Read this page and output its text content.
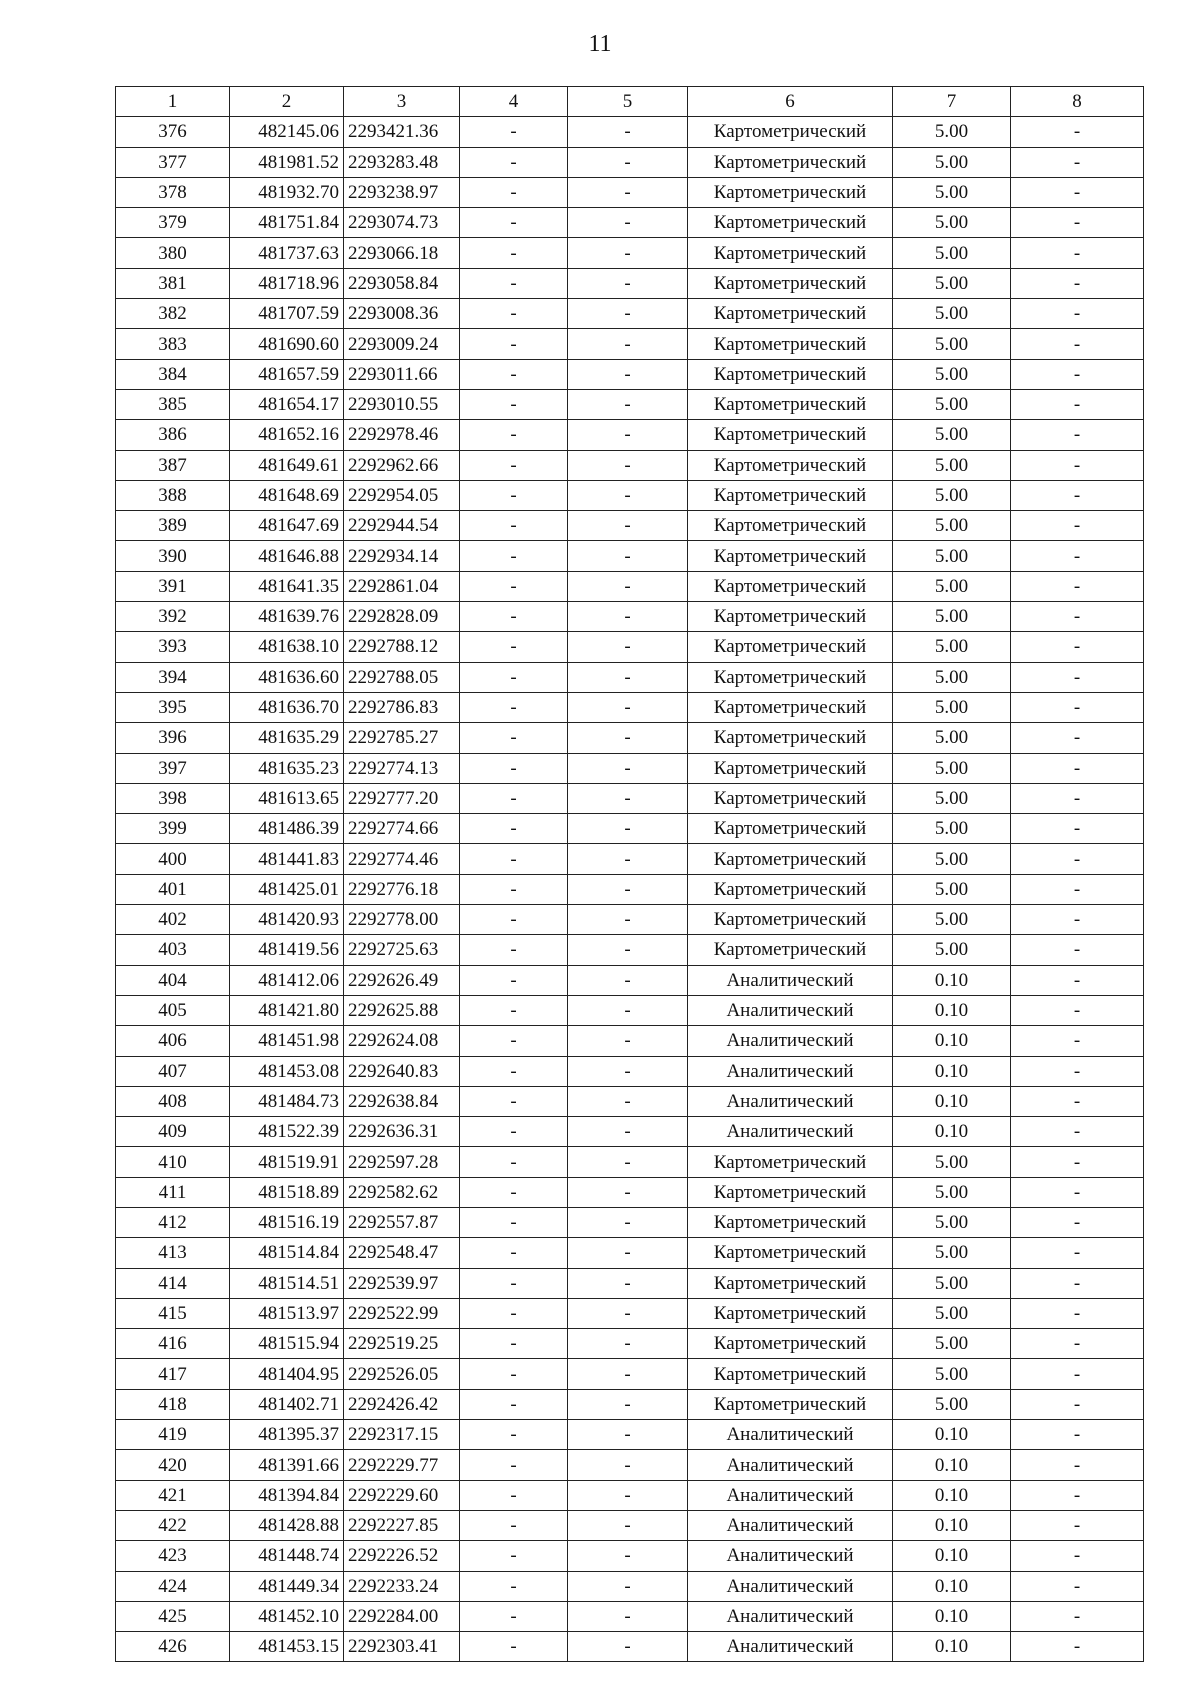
11
1	2	3	4	5	6	7	8
376	482145.06	2293421.36	-	-	Картометрический	5.00	-
377	481981.52	2293283.48	-	-	Картометрический	5.00	-
378	481932.70	2293238.97	-	-	Картометрический	5.00	-
379	481751.84	2293074.73	-	-	Картометрический	5.00	-
380	481737.63	2293066.18	-	-	Картометрический	5.00	-
381	481718.96	2293058.84	-	-	Картометрический	5.00	-
382	481707.59	2293008.36	-	-	Картометрический	5.00	-
383	481690.60	2293009.24	-	-	Картометрический	5.00	-
384	481657.59	2293011.66	-	-	Картометрический	5.00	-
385	481654.17	2293010.55	-	-	Картометрический	5.00	-
386	481652.16	2292978.46	-	-	Картометрический	5.00	-
387	481649.61	2292962.66	-	-	Картометрический	5.00	-
388	481648.69	2292954.05	-	-	Картометрический	5.00	-
389	481647.69	2292944.54	-	-	Картометрический	5.00	-
390	481646.88	2292934.14	-	-	Картометрический	5.00	-
391	481641.35	2292861.04	-	-	Картометрический	5.00	-
392	481639.76	2292828.09	-	-	Картометрический	5.00	-
393	481638.10	2292788.12	-	-	Картометрический	5.00	-
394	481636.60	2292788.05	-	-	Картометрический	5.00	-
395	481636.70	2292786.83	-	-	Картометрический	5.00	-
396	481635.29	2292785.27	-	-	Картометрический	5.00	-
397	481635.23	2292774.13	-	-	Картометрический	5.00	-
398	481613.65	2292777.20	-	-	Картометрический	5.00	-
399	481486.39	2292774.66	-	-	Картометрический	5.00	-
400	481441.83	2292774.46	-	-	Картометрический	5.00	-
401	481425.01	2292776.18	-	-	Картометрический	5.00	-
402	481420.93	2292778.00	-	-	Картометрический	5.00	-
403	481419.56	2292725.63	-	-	Картометрический	5.00	-
404	481412.06	2292626.49	-	-	Аналитический	0.10	-
405	481421.80	2292625.88	-	-	Аналитический	0.10	-
406	481451.98	2292624.08	-	-	Аналитический	0.10	-
407	481453.08	2292640.83	-	-	Аналитический	0.10	-
408	481484.73	2292638.84	-	-	Аналитический	0.10	-
409	481522.39	2292636.31	-	-	Аналитический	0.10	-
410	481519.91	2292597.28	-	-	Картометрический	5.00	-
411	481518.89	2292582.62	-	-	Картометрический	5.00	-
412	481516.19	2292557.87	-	-	Картометрический	5.00	-
413	481514.84	2292548.47	-	-	Картометрический	5.00	-
414	481514.51	2292539.97	-	-	Картометрический	5.00	-
415	481513.97	2292522.99	-	-	Картометрический	5.00	-
416	481515.94	2292519.25	-	-	Картометрический	5.00	-
417	481404.95	2292526.05	-	-	Картометрический	5.00	-
418	481402.71	2292426.42	-	-	Картометрический	5.00	-
419	481395.37	2292317.15	-	-	Аналитический	0.10	-
420	481391.66	2292229.77	-	-	Аналитический	0.10	-
421	481394.84	2292229.60	-	-	Аналитический	0.10	-
422	481428.88	2292227.85	-	-	Аналитический	0.10	-
423	481448.74	2292226.52	-	-	Аналитический	0.10	-
424	481449.34	2292233.24	-	-	Аналитический	0.10	-
425	481452.10	2292284.00	-	-	Аналитический	0.10	-
426	481453.15	2292303.41	-	-	Аналитический	0.10	-
